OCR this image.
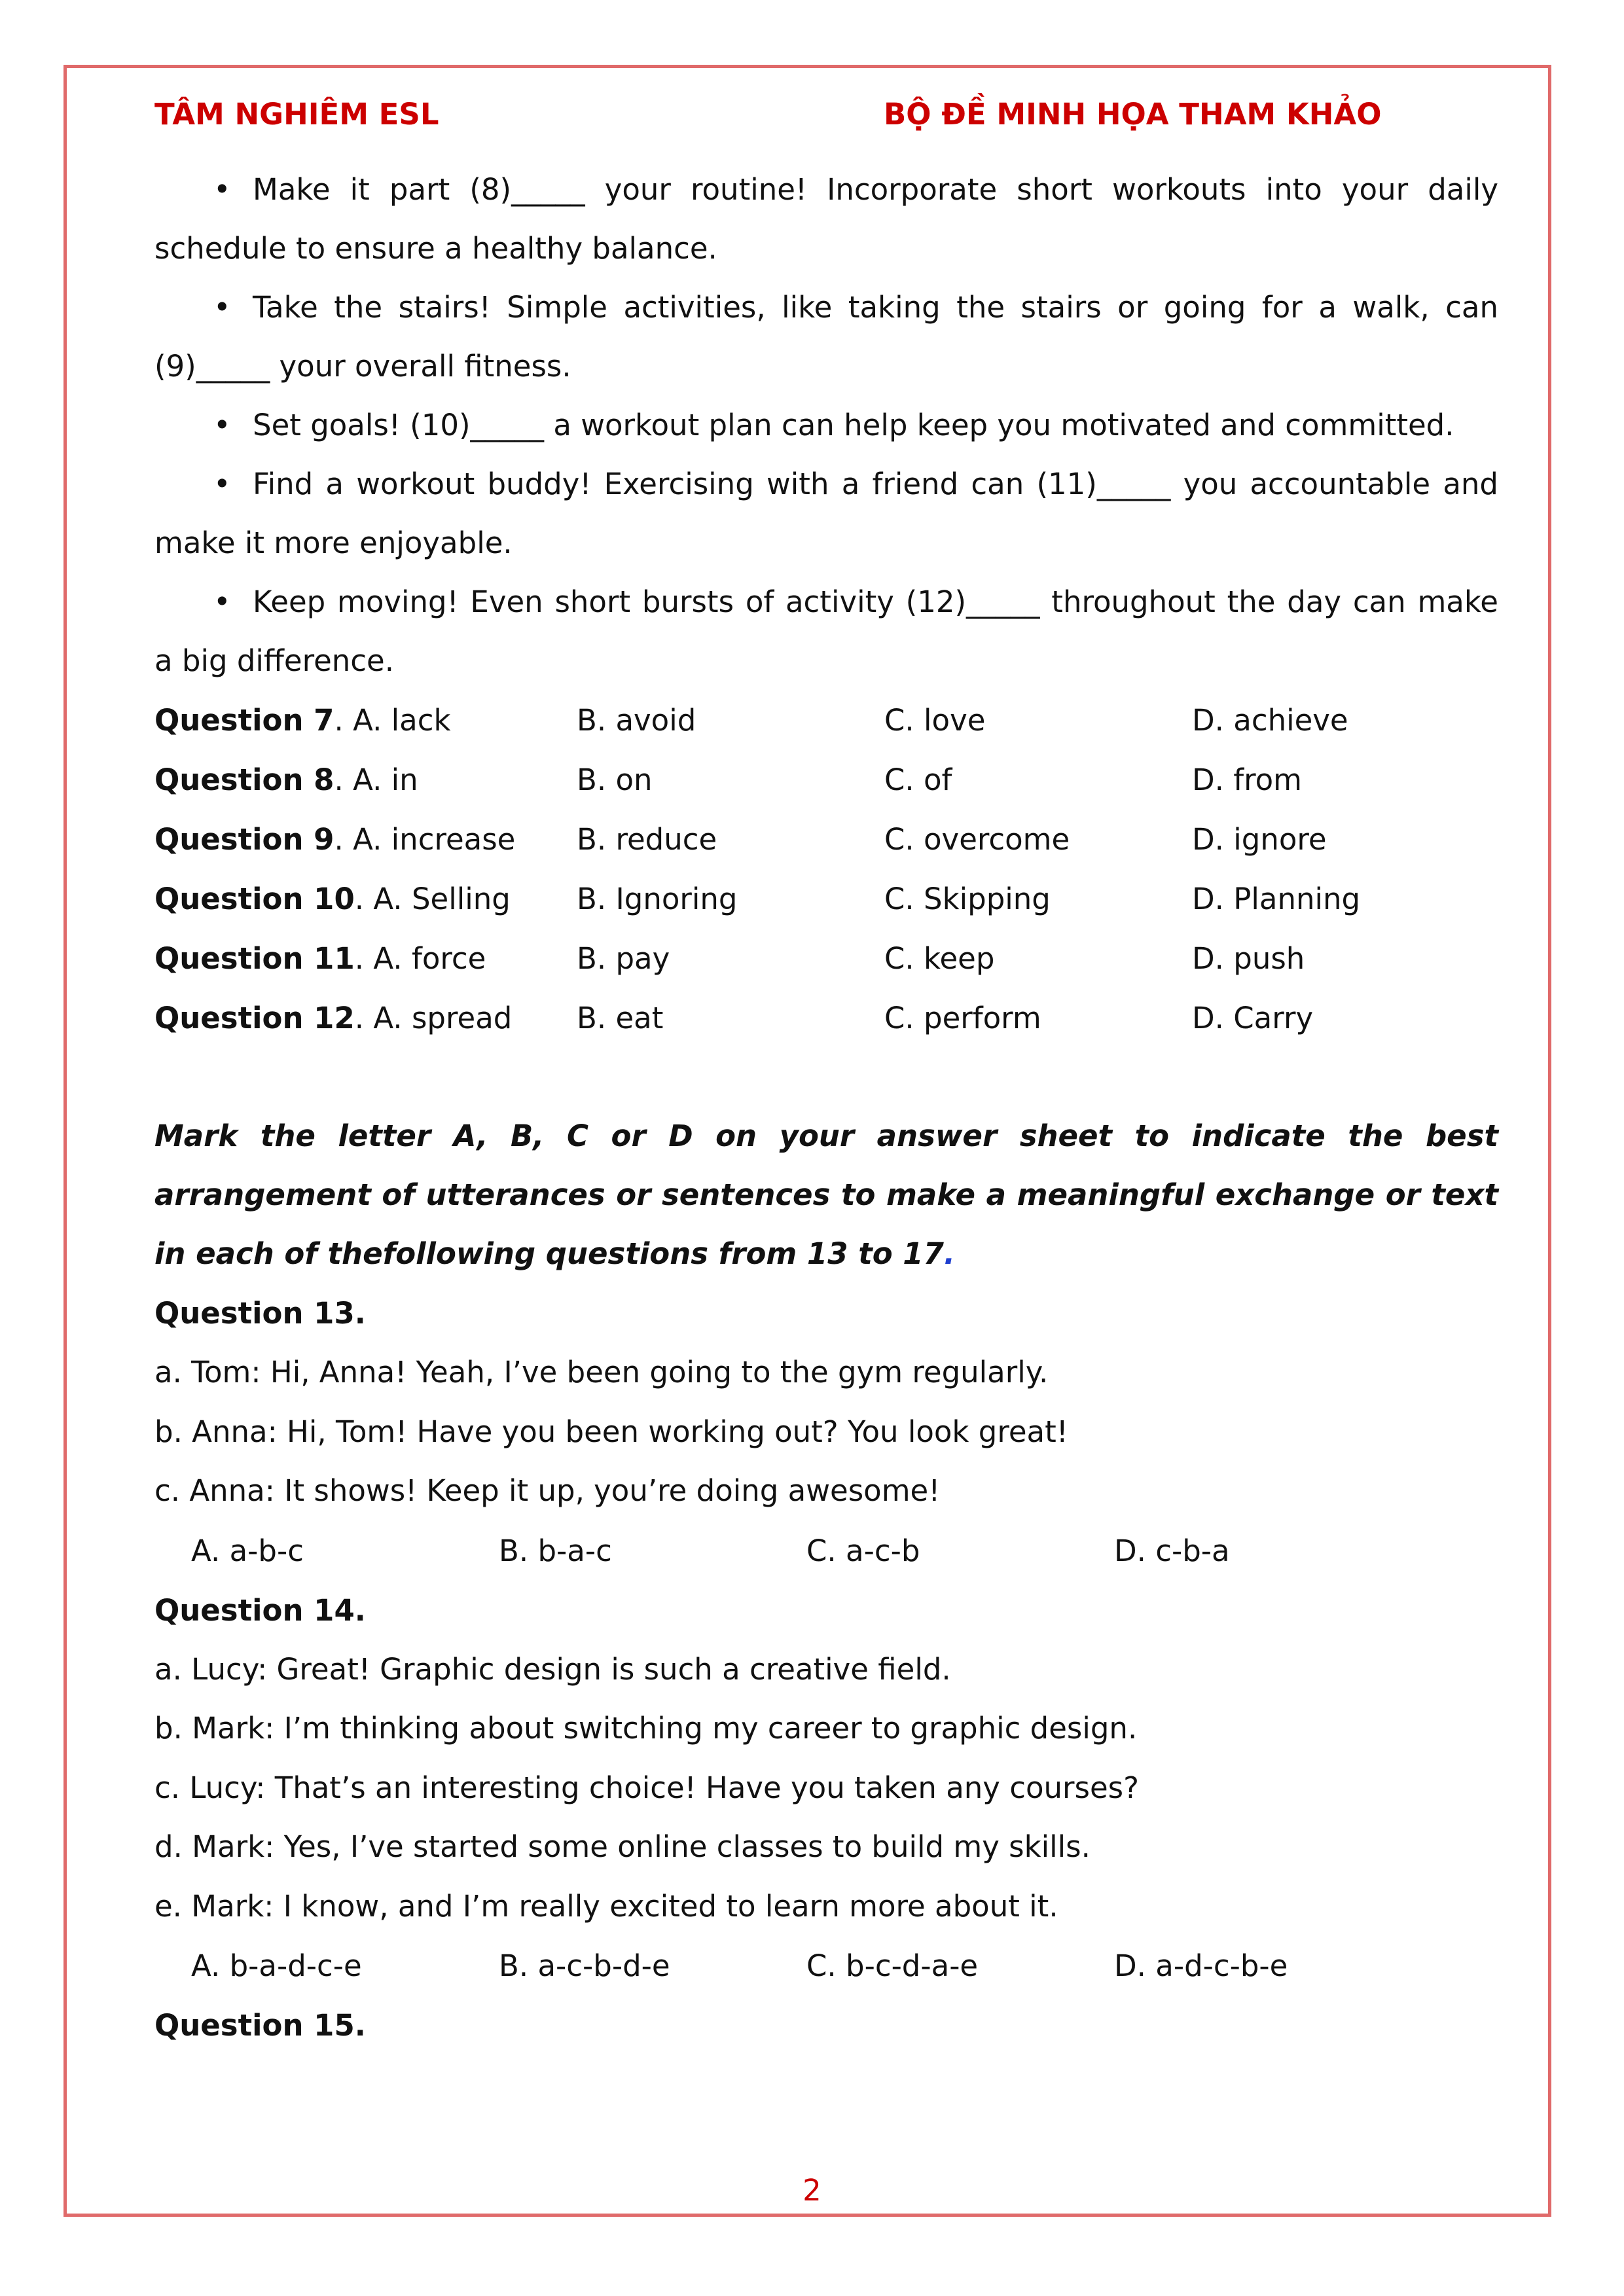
TÂM NGHIÊM ESL	BỘ ĐỀ MINH HỌA THAM KHẢO

• Make it part (8)_____ your routine! Incorporate short workouts into your daily schedule to ensure a healthy balance.

• Take the stairs! Simple activities, like taking the stairs or going for a walk, can (9)_____ your overall fitness.

• Set goals! (10)_____ a workout plan can help keep you motivated and committed.

• Find a workout buddy! Exercising with a friend can (11)_____ you accountable and make it more enjoyable.

• Keep moving! Even short bursts of activity (12)_____ throughout the day can make a big difference.

Question 7. A. lack	B. avoid	C. love	D. achieve
Question 8. A. in	B. on	C. of	D. from
Question 9. A. increase B. reduce	C. overcome	D. ignore
Question 10. A. Selling B. Ignoring	C. Skipping	D. Planning
Question 11. A. force	B. pay	C. keep	D. push
Question 12. A. spread B. eat	C. perform	D. Carry

Mark the letter A, B, C or D on your answer sheet to indicate the best arrangement of utterances or sentences to make a meaningful exchange or text in each of thefollowing questions from 13 to 17.

Question 13.

a. Tom: Hi, Anna! Yeah, I’ve been going to the gym regularly.

b. Anna: Hi, Tom! Have you been working out? You look great!

c. Anna: It shows! Keep it up, you’re doing awesome!

A. a-b-c	B. b-a-c	C. a-c-b	D. c-b-a

Question 14.

a. Lucy: Great! Graphic design is such a creative field.

b. Mark: I’m thinking about switching my career to graphic design.

c. Lucy: That’s an interesting choice! Have you taken any courses?

d. Mark: Yes, I’ve started some online classes to build my skills.

e. Mark: I know, and I’m really excited to learn more about it.

A. b-a-d-c-e	B. a-c-b-d-e	C. b-c-d-a-e	D. a-d-c-b-e

Question 15.

2
